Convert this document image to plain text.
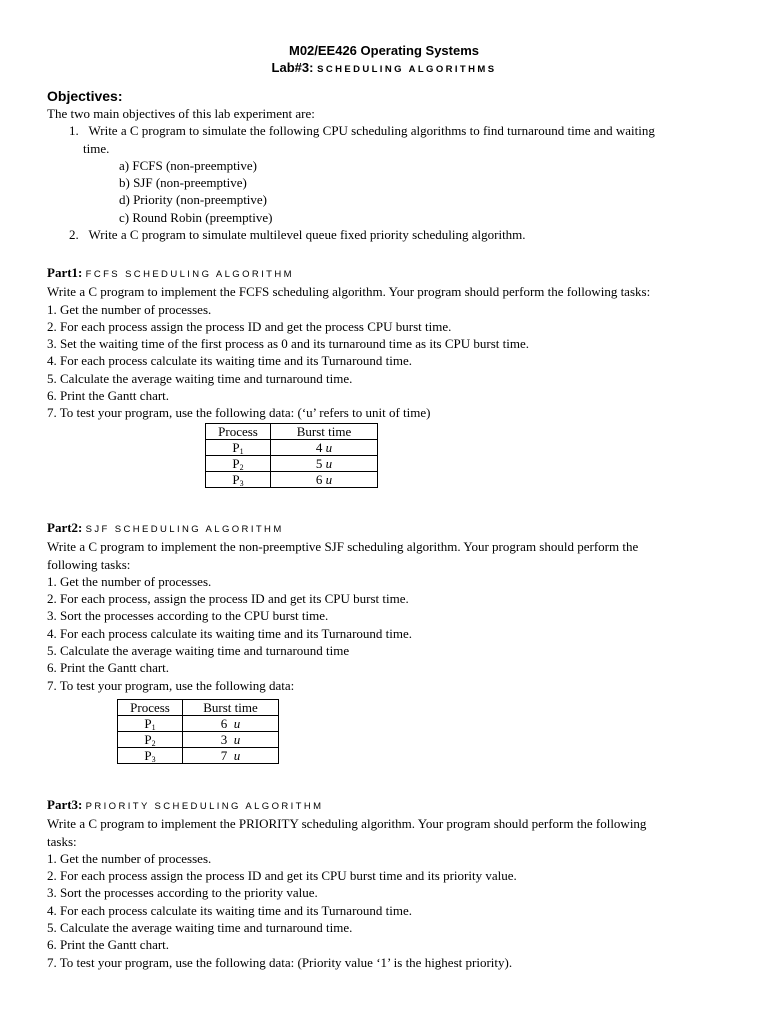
M02/EE426 Operating Systems
Lab#3: SCHEDULING ALGORITHMS
Objectives:
The two main objectives of this lab experiment are:
1. Write a C program to simulate the following CPU scheduling algorithms to find turnaround time and waiting
time.
a) FCFS (non-preemptive)
b) SJF (non-preemptive)
d) Priority (non-preemptive)
c) Round Robin (preemptive)
2. Write a C program to simulate multilevel queue fixed priority scheduling algorithm.
Part1: FCFS SCHEDULING ALGORITHM
Write a C program to implement the FCFS scheduling algorithm. Your program should perform the following tasks:
1. Get the number of processes.
2. For each process assign the process ID and get the process CPU burst time.
3. Set the waiting time of the first process as 0 and its turnaround time as its CPU burst time.
4. For each process calculate its waiting time and its Turnaround time.
5. Calculate the average waiting time and turnaround time.
6. Print the Gantt chart.
7. To test your program, use the following data: (‘u’ refers to unit of time)
Process	Burst time
$P_1$	4 u
$P_2$	5 u
$P_3$	6 u
Part2: SJF SCHEDULING ALGORITHM
Write a C program to implement the non-preemptive SJF scheduling algorithm. Your program should perform the
following tasks:
1. Get the number of processes.
2. For each process, assign the process ID and get its CPU burst time.
3. Sort the processes according to the CPU burst time.
4. For each process calculate its waiting time and its Turnaround time.
5. Calculate the average waiting time and turnaround time
6. Print the Gantt chart.
7. To test your program, use the following data:
Process	Burst time
$P_1$	6 u
$P_2$	3 u
$P_3$	7 u
Part3: PRIORITY SCHEDULING ALGORITHM
Write a C program to implement the PRIORITY scheduling algorithm. Your program should perform the following
tasks:
1. Get the number of processes.
2. For each process assign the process ID and get its CPU burst time and its priority value.
3. Sort the processes according to the priority value.
4. For each process calculate its waiting time and its Turnaround time.
5. Calculate the average waiting time and turnaround time.
6. Print the Gantt chart.
7. To test your program, use the following data: (Priority value ‘1’ is the highest priority).
